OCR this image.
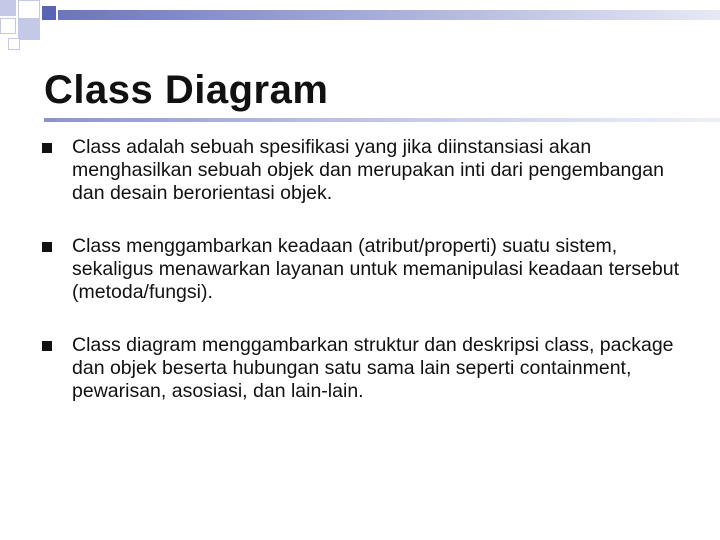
Class Diagram
Class adalah sebuah spesifikasi yang jika diinstansiasi akan menghasilkan sebuah objek dan merupakan inti dari pengembangan dan desain berorientasi objek.
Class menggambarkan keadaan (atribut/properti) suatu sistem, sekaligus menawarkan layanan untuk memanipulasi keadaan tersebut (metoda/fungsi).
Class diagram menggambarkan struktur dan deskripsi class, package dan objek beserta hubungan satu sama lain seperti containment, pewarisan, asosiasi, dan lain-lain.
